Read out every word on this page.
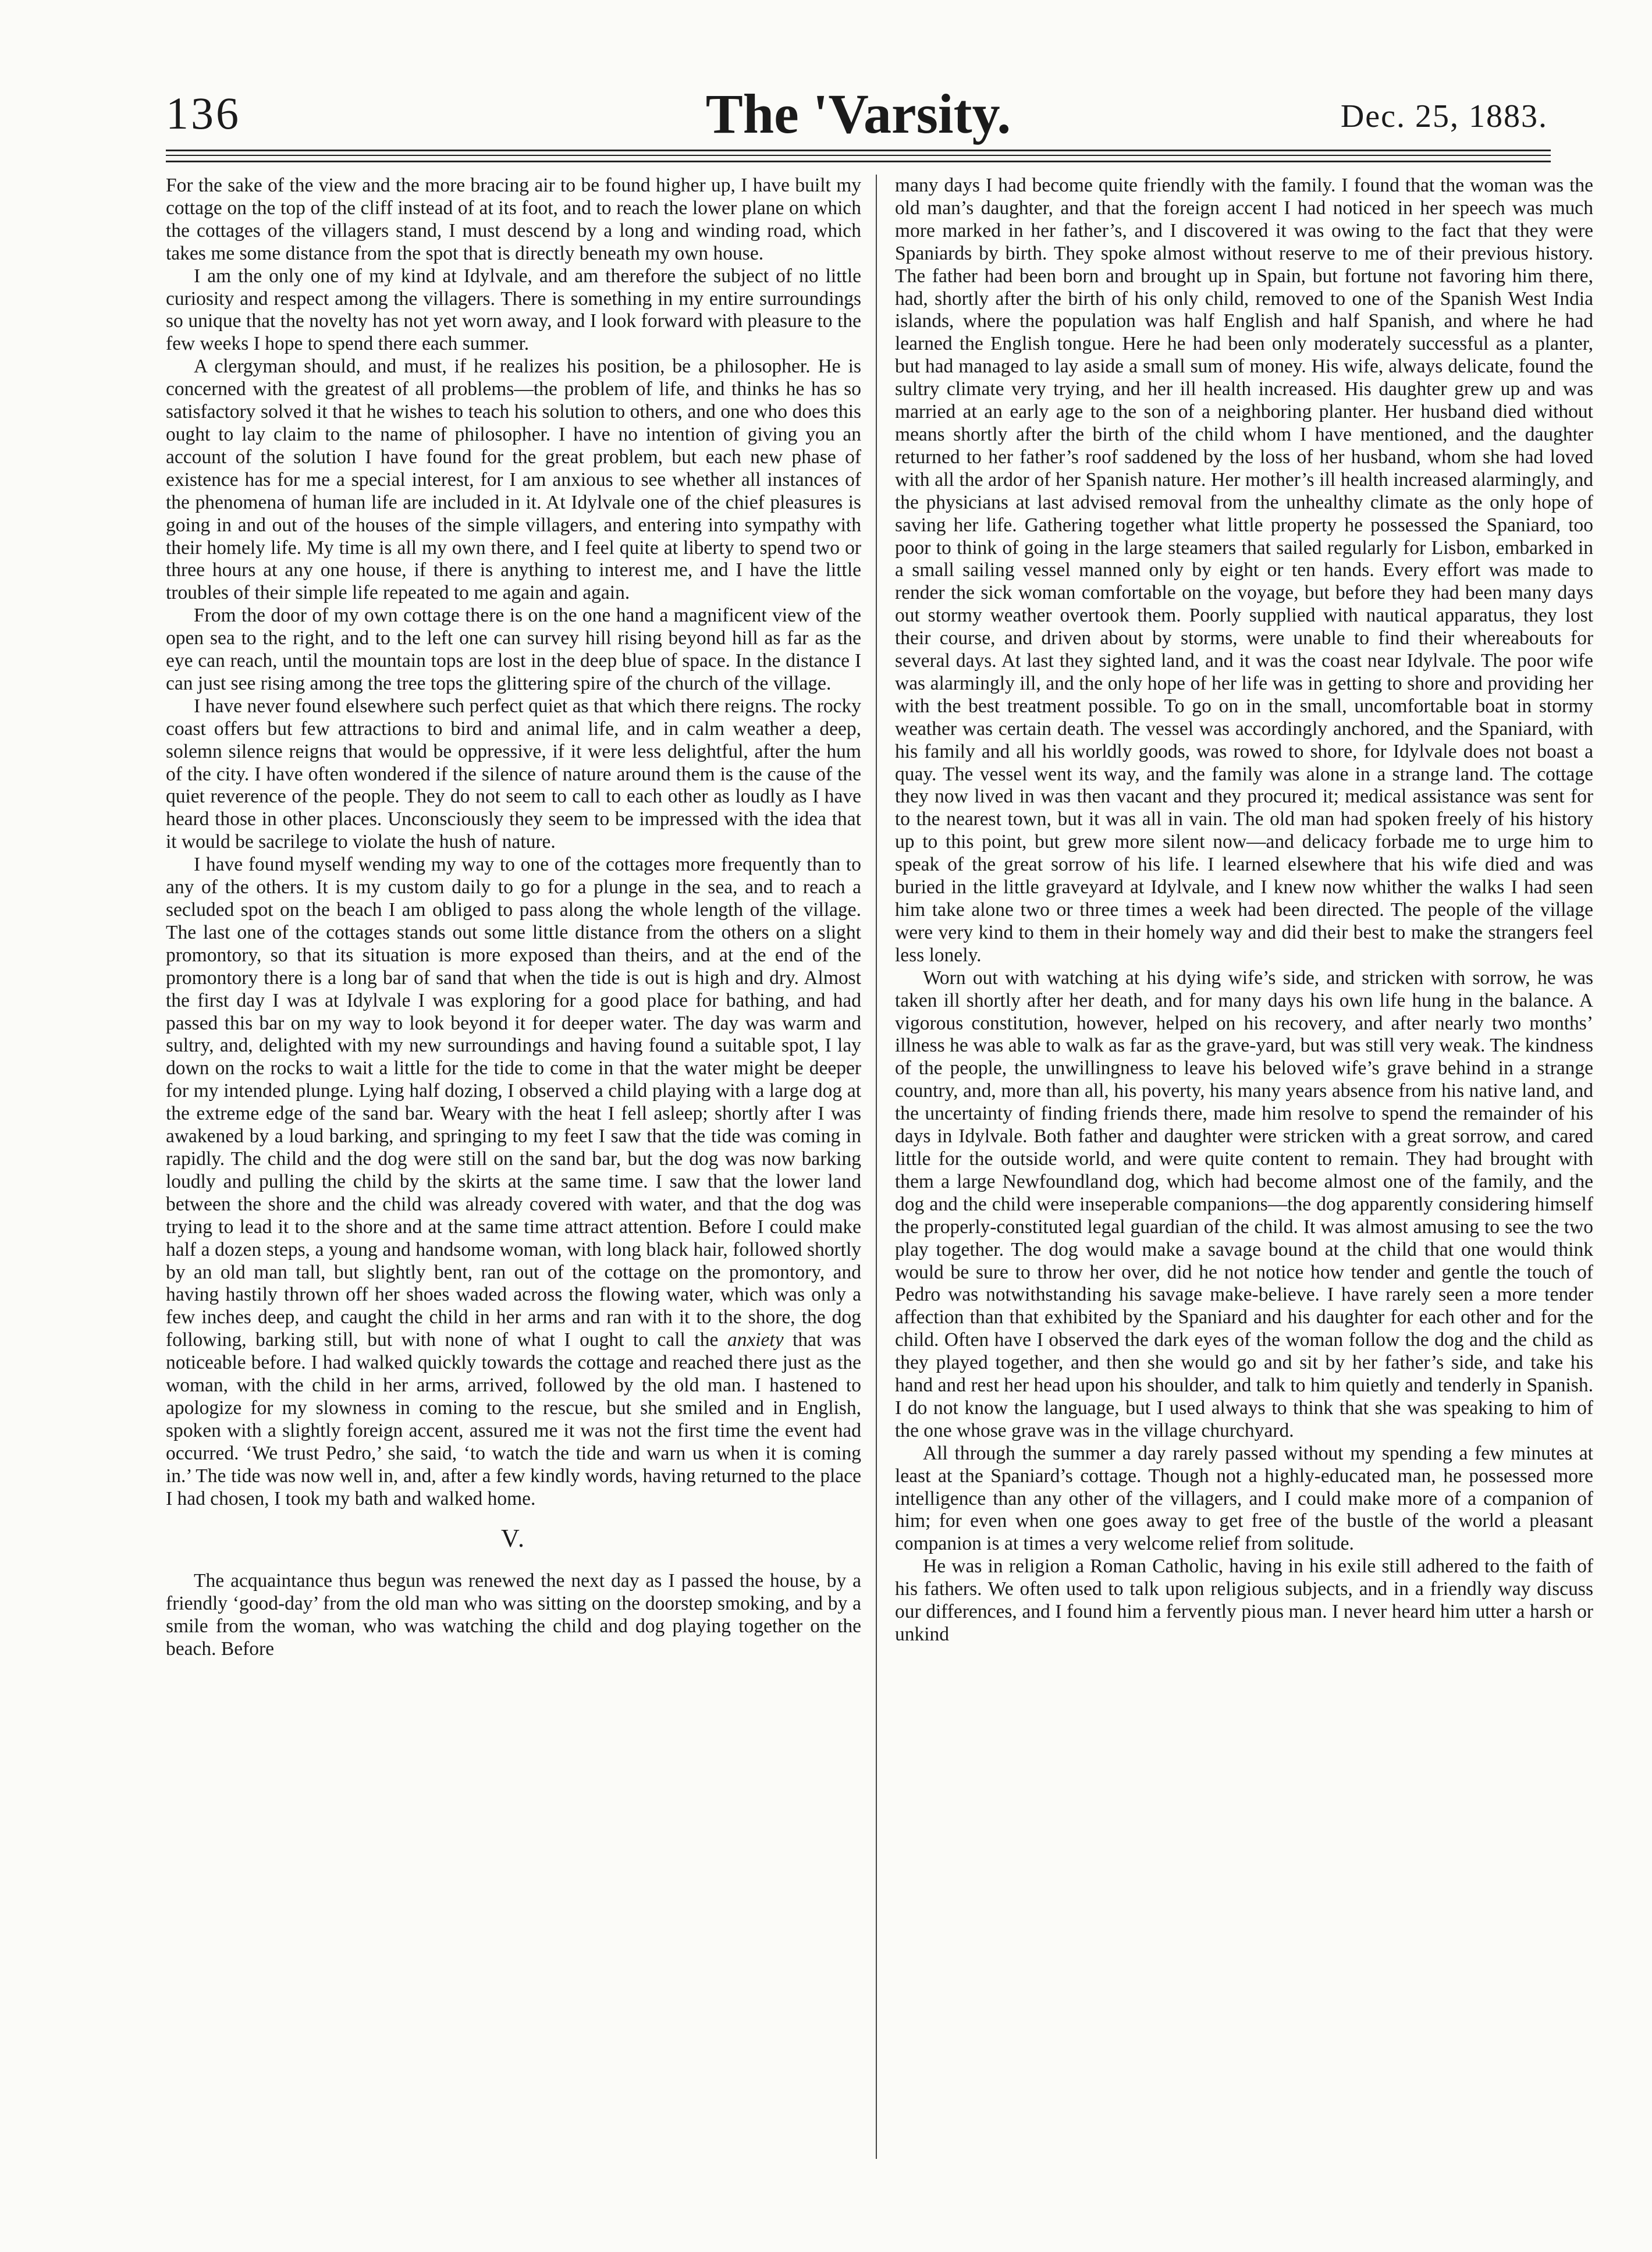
136	The 'Varsity.	Dec. 25, 1883.

For the sake of the view and the more bracing air to be found higher up, I have built my cottage on the top of the cliff instead of at its foot, and to reach the lower plane on which the cottages of the villagers stand, I must descend by a long and winding road, which takes me some distance from the spot that is directly beneath my own house.

I am the only one of my kind at Idylvale, and am therefore the subject of no little curiosity and respect among the villagers. There is something in my entire surroundings so unique that the novelty has not yet worn away, and I look forward with pleasure to the few weeks I hope to spend there each summer.

A clergyman should, and must, if he realizes his position, be a philosopher. He is concerned with the greatest of all problems—the problem of life, and thinks he has so satisfactory solved it that he wishes to teach his solution to others, and one who does this ought to lay claim to the name of philosopher. I have no intention of giving you an account of the solution I have found for the great problem, but each new phase of existence has for me a special interest, for I am anxious to see whether all instances of the phenomena of human life are included in it. At Idylvale one of the chief pleasures is going in and out of the houses of the simple villagers, and entering into sympathy with their homely life. My time is all my own there, and I feel quite at liberty to spend two or three hours at any one house, if there is anything to interest me, and I have the little troubles of their simple life repeated to me again and again.

From the door of my own cottage there is on the one hand a magnificent view of the open sea to the right, and to the left one can survey hill rising beyond hill as far as the eye can reach, until the mountain tops are lost in the deep blue of space. In the distance I can just see rising among the tree tops the glittering spire of the church of the village.

I have never found elsewhere such perfect quiet as that which there reigns. The rocky coast offers but few attractions to bird and animal life, and in calm weather a deep, solemn silence reigns that would be oppressive, if it were less delightful, after the hum of the city. I have often wondered if the silence of nature around them is the cause of the quiet reverence of the people. They do not seem to call to each other as loudly as I have heard those in other places. Unconsciously they seem to be impressed with the idea that it would be sacrilege to violate the hush of nature.

I have found myself wending my way to one of the cottages more frequently than to any of the others. It is my custom daily to go for a plunge in the sea, and to reach a secluded spot on the beach I am obliged to pass along the whole length of the village. The last one of the cottages stands out some little distance from the others on a slight promontory, so that its situation is more exposed than theirs, and at the end of the promontory there is a long bar of sand that when the tide is out is high and dry. Almost the first day I was at Idylvale I was exploring for a good place for bathing, and had passed this bar on my way to look beyond it for deeper water. The day was warm and sultry, and, delighted with my new surroundings and having found a suitable spot, I lay down on the rocks to wait a little for the tide to come in that the water might be deeper for my intended plunge. Lying half dozing, I observed a child playing with a large dog at the extreme edge of the sand bar. Weary with the heat I fell asleep; shortly after I was awakened by a loud barking, and springing to my feet I saw that the tide was coming in rapidly. The child and the dog were still on the sand bar, but the dog was now barking loudly and pulling the child by the skirts at the same time. I saw that the lower land between the shore and the child was already covered with water, and that the dog was trying to lead it to the shore and at the same time attract attention. Before I could make half a dozen steps, a young and handsome woman, with long black hair, followed shortly by an old man tall, but slightly bent, ran out of the cottage on the promontory, and having hastily thrown off her shoes waded across the flowing water, which was only a few inches deep, and caught the child in her arms and ran with it to the shore, the dog following, barking still, but with none of what I ought to call the anxiety that was noticeable before. I had walked quickly towards the cottage and reached there just as the woman, with the child in her arms, arrived, followed by the old man. I hastened to apologize for my slowness in coming to the rescue, but she smiled and in English, spoken with a slightly foreign accent, assured me it was not the first time the event had occurred. ‘We trust Pedro,’ she said, ‘to watch the tide and warn us when it is coming in.’ The tide was now well in, and, after a few kindly words, having returned to the place I had chosen, I took my bath and walked home.

V.

The acquaintance thus begun was renewed the next day as I passed the house, by a friendly ‘good-day’ from the old man who was sitting on the doorstep smoking, and by a smile from the woman, who was watching the child and dog playing together on the beach. Before

many days I had become quite friendly with the family. I found that the woman was the old man’s daughter, and that the foreign accent I had noticed in her speech was much more marked in her father’s, and I discovered it was owing to the fact that they were Spaniards by birth. They spoke almost without reserve to me of their previous history. The father had been born and brought up in Spain, but fortune not favoring him there, had, shortly after the birth of his only child, removed to one of the Spanish West India islands, where the population was half English and half Spanish, and where he had learned the English tongue. Here he had been only moderately successful as a planter, but had managed to lay aside a small sum of money. His wife, always delicate, found the sultry climate very trying, and her ill health increased. His daughter grew up and was married at an early age to the son of a neighboring planter. Her husband died without means shortly after the birth of the child whom I have mentioned, and the daughter returned to her father’s roof saddened by the loss of her husband, whom she had loved with all the ardor of her Spanish nature. Her mother’s ill health increased alarmingly, and the physicians at last advised removal from the unhealthy climate as the only hope of saving her life. Gathering together what little property he possessed the Spaniard, too poor to think of going in the large steamers that sailed regularly for Lisbon, embarked in a small sailing vessel manned only by eight or ten hands. Every effort was made to render the sick woman comfortable on the voyage, but before they had been many days out stormy weather overtook them. Poorly supplied with nautical apparatus, they lost their course, and driven about by storms, were unable to find their whereabouts for several days. At last they sighted land, and it was the coast near Idylvale. The poor wife was alarmingly ill, and the only hope of her life was in getting to shore and providing her with the best treatment possible. To go on in the small, uncomfortable boat in stormy weather was certain death. The vessel was accordingly anchored, and the Spaniard, with his family and all his worldly goods, was rowed to shore, for Idylvale does not boast a quay. The vessel went its way, and the family was alone in a strange land. The cottage they now lived in was then vacant and they procured it; medical assistance was sent for to the nearest town, but it was all in vain. The old man had spoken freely of his history up to this point, but grew more silent now—and delicacy forbade me to urge him to speak of the great sorrow of his life. I learned elsewhere that his wife died and was buried in the little graveyard at Idylvale, and I knew now whither the walks I had seen him take alone two or three times a week had been directed. The people of the village were very kind to them in their homely way and did their best to make the strangers feel less lonely.

Worn out with watching at his dying wife’s side, and stricken with sorrow, he was taken ill shortly after her death, and for many days his own life hung in the balance. A vigorous constitution, however, helped on his recovery, and after nearly two months’ illness he was able to walk as far as the grave-yard, but was still very weak. The kindness of the people, the unwillingness to leave his beloved wife’s grave behind in a strange country, and, more than all, his poverty, his many years absence from his native land, and the uncertainty of finding friends there, made him resolve to spend the remainder of his days in Idylvale. Both father and daughter were stricken with a great sorrow, and cared little for the outside world, and were quite content to remain. They had brought with them a large Newfoundland dog, which had become almost one of the family, and the dog and the child were inseperable companions—the dog apparently considering himself the properly-constituted legal guardian of the child. It was almost amusing to see the two play together. The dog would make a savage bound at the child that one would think would be sure to throw her over, did he not notice how tender and gentle the touch of Pedro was notwithstanding his savage make-believe. I have rarely seen a more tender affection than that exhibited by the Spaniard and his daughter for each other and for the child. Often have I observed the dark eyes of the woman follow the dog and the child as they played together, and then she would go and sit by her father’s side, and take his hand and rest her head upon his shoulder, and talk to him quietly and tenderly in Spanish. I do not know the language, but I used always to think that she was speaking to him of the one whose grave was in the village churchyard.

All through the summer a day rarely passed without my spending a few minutes at least at the Spaniard’s cottage. Though not a highly-educated man, he possessed more intelligence than any other of the villagers, and I could make more of a companion of him; for even when one goes away to get free of the bustle of the world a pleasant companion is at times a very welcome relief from solitude.

He was in religion a Roman Catholic, having in his exile still adhered to the faith of his fathers. We often used to talk upon religious subjects, and in a friendly way discuss our differences, and I found him a fervently pious man. I never heard him utter a harsh or unkind
